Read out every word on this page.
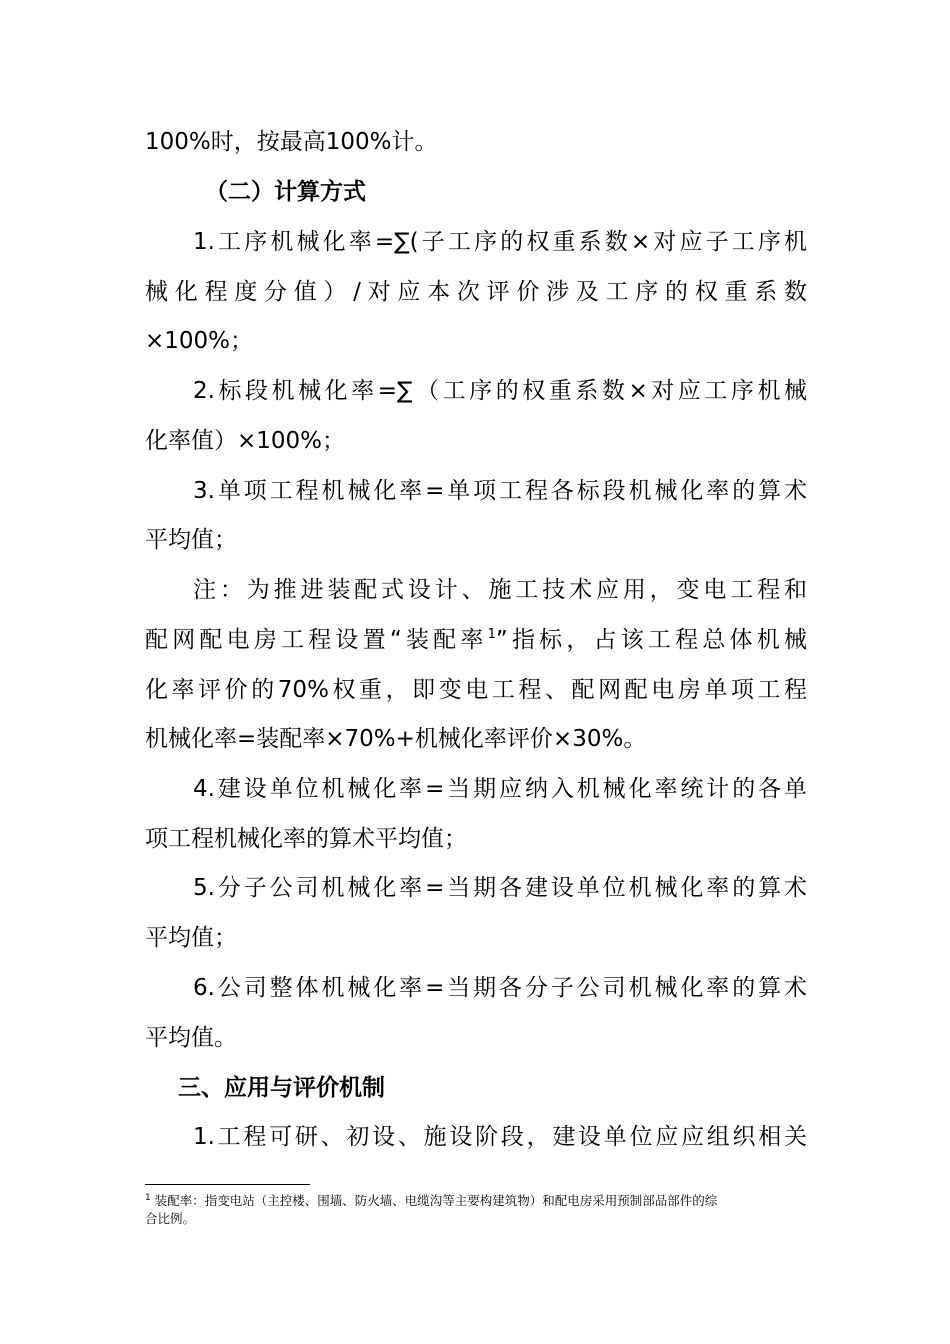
100%时，按最高100%计。
（二）计算方式
1.工序机械化率=∑(子工序的权重系数×对应子工序机
械化程度分值）/对应本次评价涉及工序的权重系数
×100%；
2.标段机械化率=∑（工序的权重系数×对应工序机械
化率值）×100%；
3.单项工程机械化率=单项工程各标段机械化率的算术
平均值；
注：为推进装配式设计、施工技术应用，变电工程和
配网配电房工程设置“装配率$^1$”指标，占该工程总体机械
化率评价的70%权重，即变电工程、配网配电房单项工程
机械化率=装配率×70%+机械化率评价×30%。
4.建设单位机械化率=当期应纳入机械化率统计的各单
项工程机械化率的算术平均值；
5.分子公司机械化率=当期各建设单位机械化率的算术
平均值；
6.公司整体机械化率=当期各分子公司机械化率的算术
平均值。
三、应用与评价机制
1.工程可研、初设、施设阶段，建设单位应应组织相关
$^1$ 装配率：指变电站（主控楼、围墙、防火墙、电缆沟等主要构建筑物）和配电房采用预制部品部件的综
合比例。
